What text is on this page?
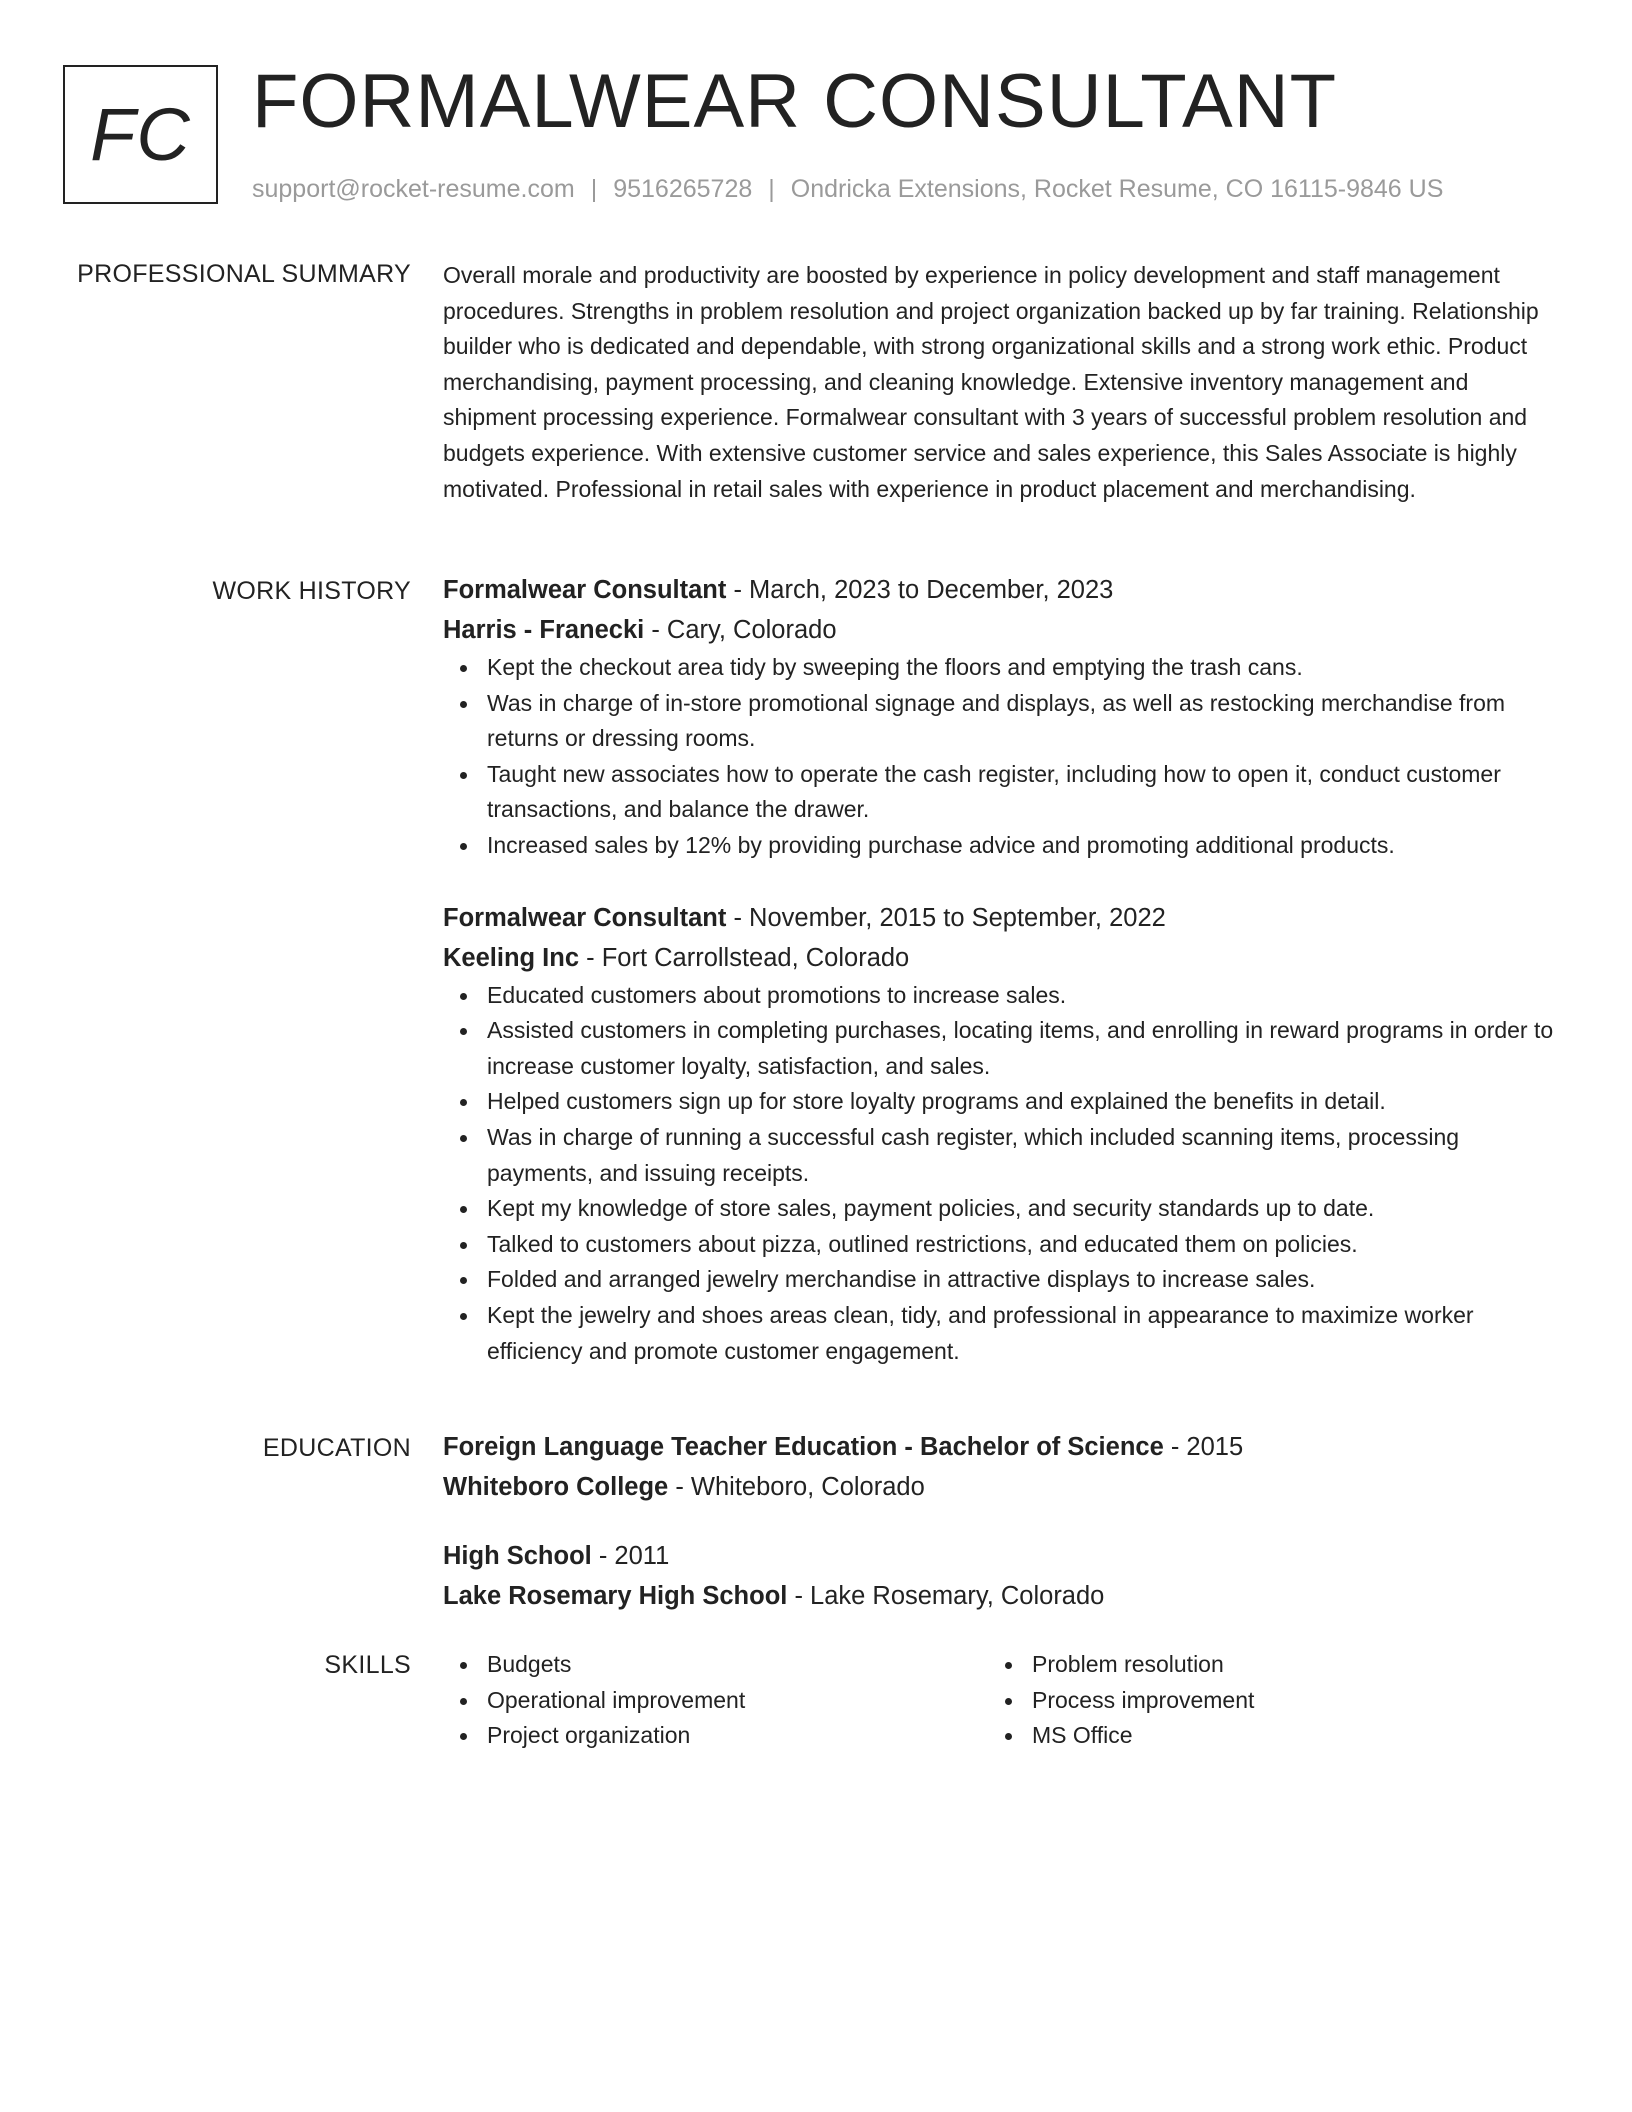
FC FORMALWEAR CONSULTANT
support@rocket-resume.com | 9516265728 | Ondricka Extensions, Rocket Resume, CO 16115-9846 US
PROFESSIONAL SUMMARY Overall morale and productivity are boosted by experience in policy development and staff management procedures. Strengths in problem resolution and project organization backed up by far training. Relationship builder who is dedicated and dependable, with strong organizational skills and a strong work ethic. Product merchandising, payment processing, and cleaning knowledge. Extensive inventory management and shipment processing experience. Formalwear consultant with 3 years of successful problem resolution and budgets experience. With extensive customer service and sales experience, this Sales Associate is highly motivated. Professional in retail sales with experience in product placement and merchandising.

WORK HISTORY Formalwear Consultant - March, 2023 to December, 2023
Harris - Franecki - Cary, Colorado
Kept the checkout area tidy by sweeping the floors and emptying the trash cans.
Was in charge of in-store promotional signage and displays, as well as restocking merchandise from returns or dressing rooms.
Taught new associates how to operate the cash register, including how to open it, conduct customer transactions, and balance the drawer.
Increased sales by 12% by providing purchase advice and promoting additional products.
Formalwear Consultant - November, 2015 to September, 2022
Keeling Inc - Fort Carrollstead, Colorado
Educated customers about promotions to increase sales.
Assisted customers in completing purchases, locating items, and enrolling in reward programs in order to increase customer loyalty, satisfaction, and sales.
Helped customers sign up for store loyalty programs and explained the benefits in detail.
Was in charge of running a successful cash register, which included scanning items, processing payments, and issuing receipts.
Kept my knowledge of store sales, payment policies, and security standards up to date.
Talked to customers about pizza, outlined restrictions, and educated them on policies.
Folded and arranged jewelry merchandise in attractive displays to increase sales.
Kept the jewelry and shoes areas clean, tidy, and professional in appearance to maximize worker efficiency and promote customer engagement.
EDUCATION Foreign Language Teacher Education - Bachelor of Science - 2015
Whiteboro College - Whiteboro, Colorado
High School - 2011
Lake Rosemary High School - Lake Rosemary, Colorado
SKILLS	Budgets
Operational improvement
Project organization
Problem resolution
Process improvement
MS Office
